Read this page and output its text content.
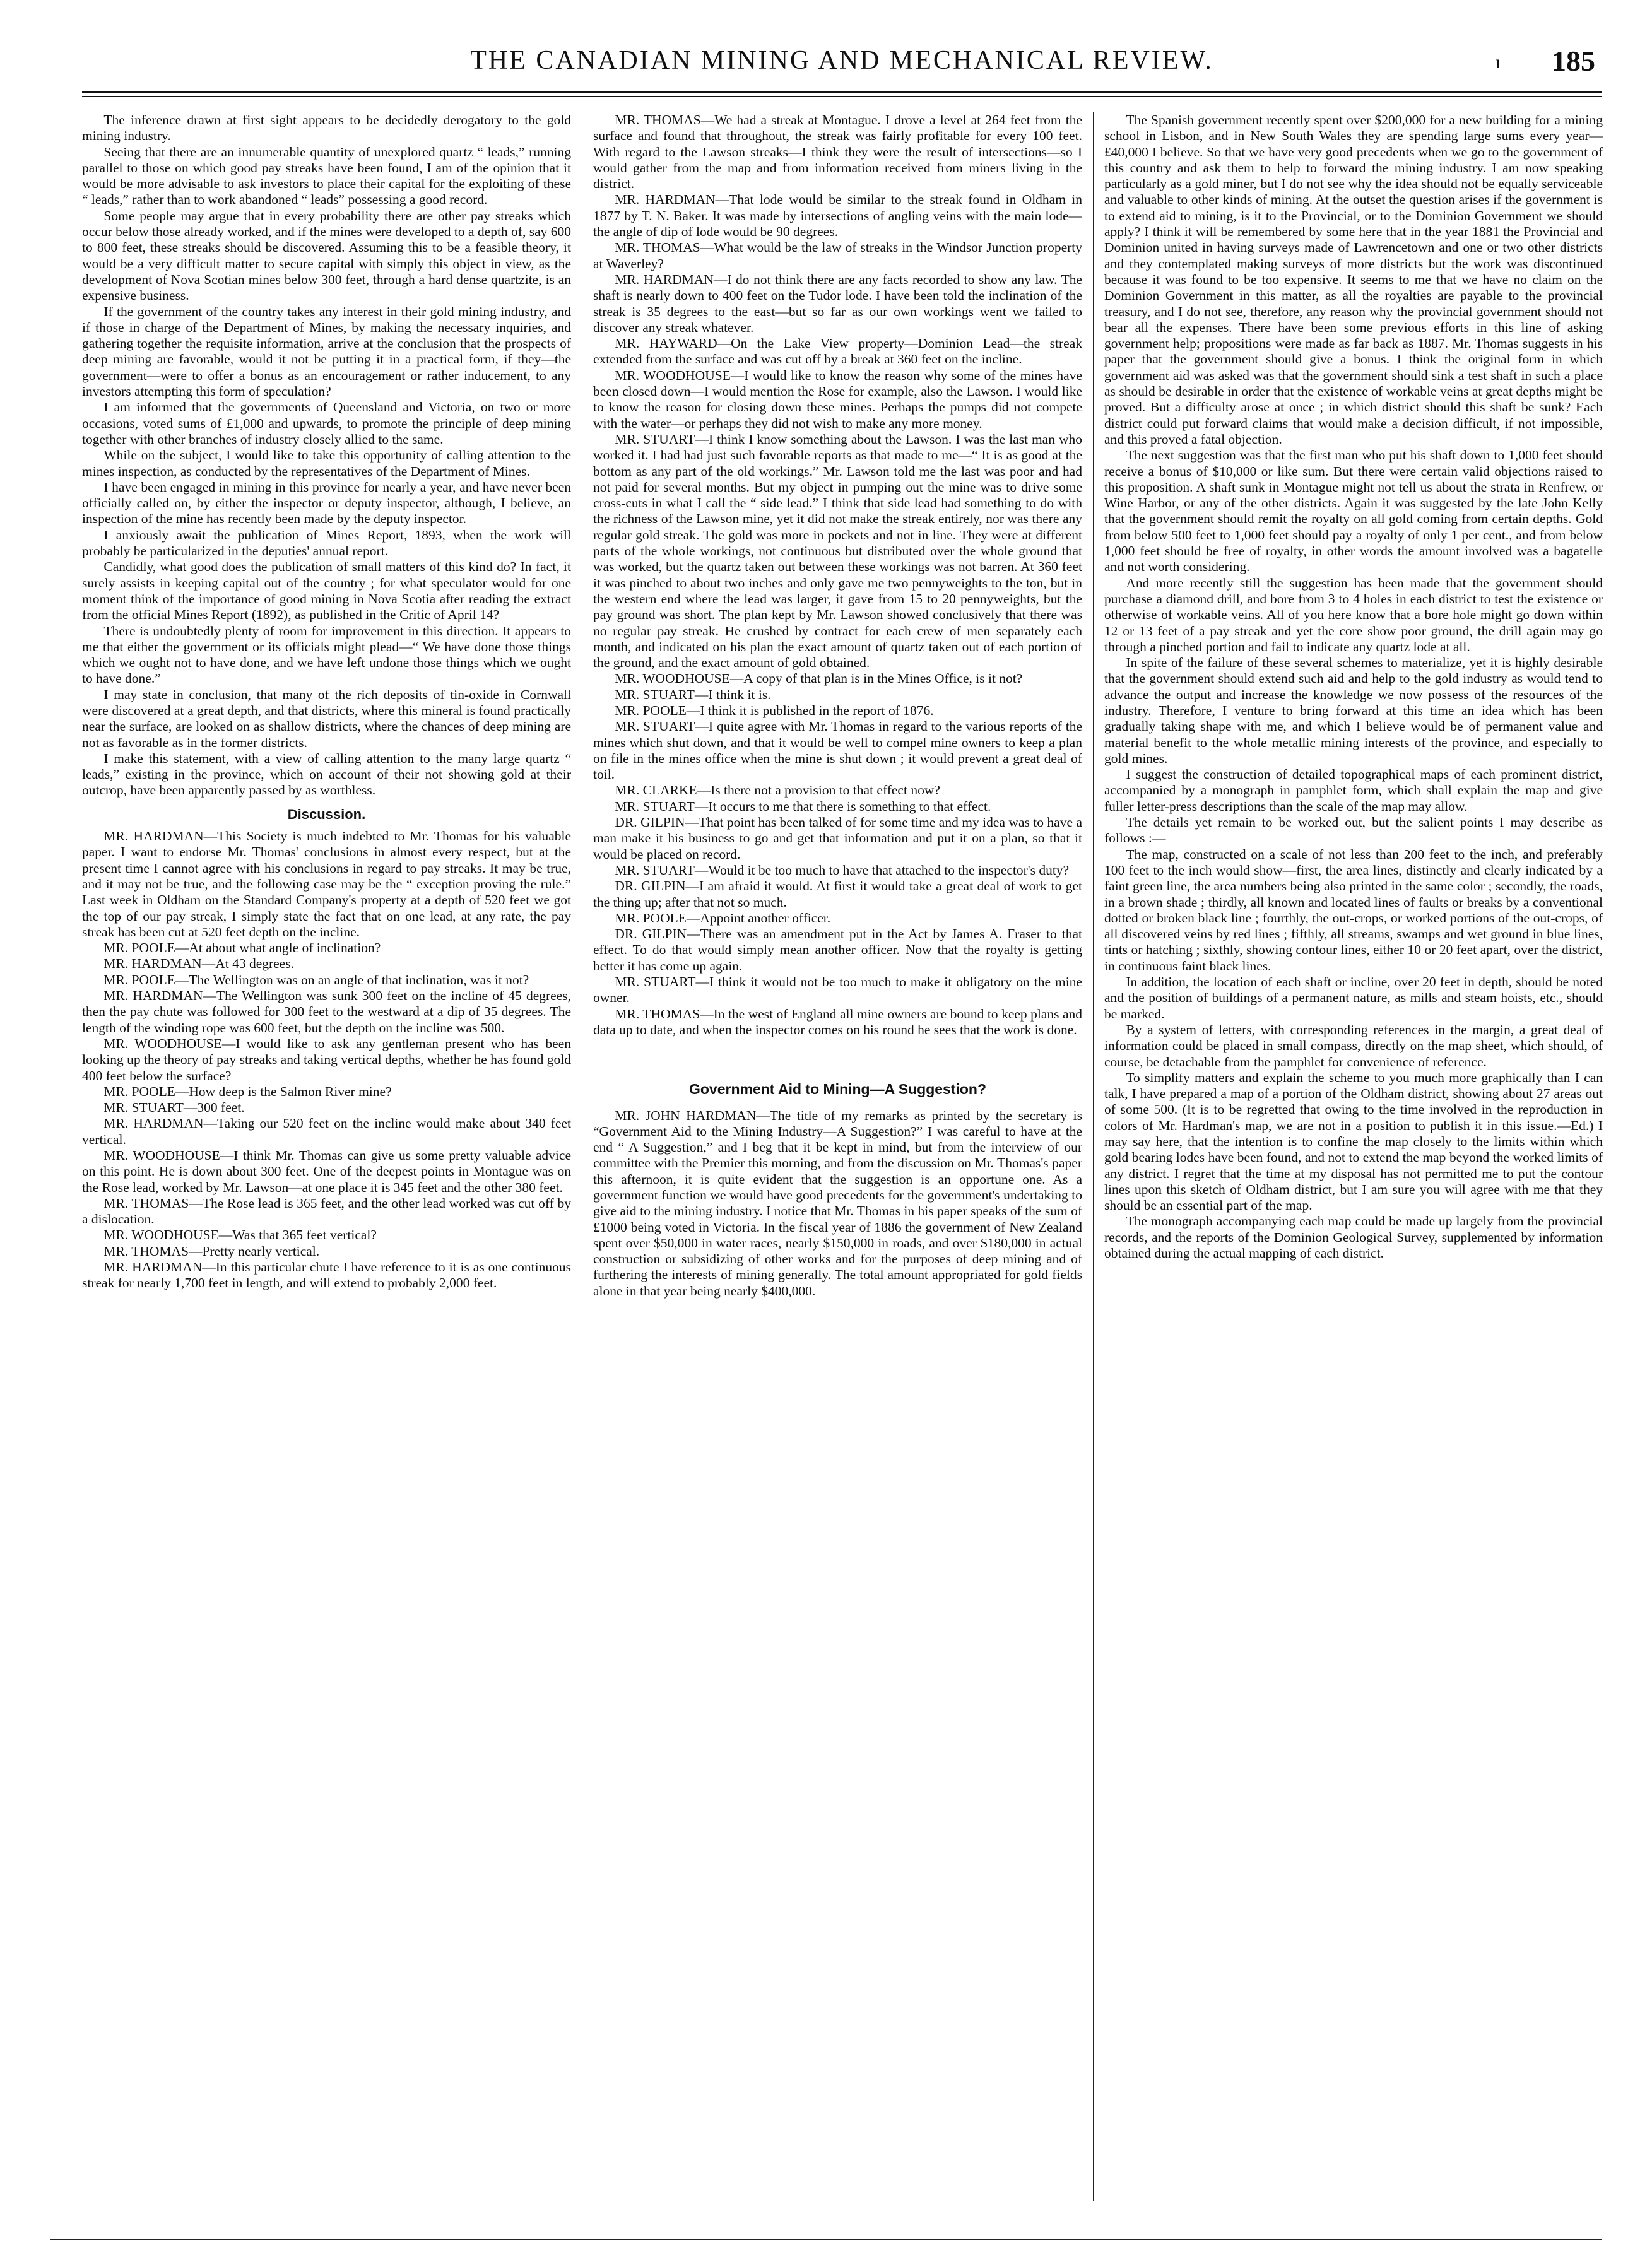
THE CANADIAN MINING AND MECHANICAL REVIEW.	ı 185

The inference drawn at first sight appears to be decidedly derogatory to the gold mining industry.

Seeing that there are an innumerable quantity of unexplored quartz “ leads,” running parallel to those on which good pay streaks have been found, I am of the opinion that it would be more advisable to ask investors to place their capital for the exploiting of these “ leads,” rather than to work abandoned “ leads” possessing a good record.

Some people may argue that in every probability there are other pay streaks which occur below those already worked, and if the mines were developed to a depth of, say 600 to 800 feet, these streaks should be discovered. Assuming this to be a feasible theory, it would be a very difficult matter to secure capital with simply this object in view, as the development of Nova Scotian mines below 300 feet, through a hard dense quartzite, is an expensive business.

If the government of the country takes any interest in their gold mining industry, and if those in charge of the Department of Mines, by making the necessary inquiries, and gathering together the requisite information, arrive at the conclusion that the prospects of deep mining are favorable, would it not be putting it in a practical form, if they—the government—were to offer a bonus as an encouragement or rather inducement, to any investors attempting this form of speculation?

I am informed that the governments of Queensland and Victoria, on two or more occasions, voted sums of £1,000 and upwards, to promote the principle of deep mining together with other branches of industry closely allied to the same.

While on the subject, I would like to take this opportunity of calling attention to the mines inspection, as conducted by the representatives of the Department of Mines.

I have been engaged in mining in this province for nearly a year, and have never been officially called on, by either the inspector or deputy inspector, although, I believe, an inspection of the mine has recently been made by the deputy inspector.

I anxiously await the publication of Mines Report, 1893, when the work will probably be particularized in the deputies' annual report.

Candidly, what good does the publication of small matters of this kind do? In fact, it surely assists in keeping capital out of the country ; for what speculator would for one moment think of the importance of good mining in Nova Scotia after reading the extract from the official Mines Report (1892), as published in the Critic of April 14?

There is undoubtedly plenty of room for improvement in this direction. It appears to me that either the government or its officials might plead—“ We have done those things which we ought not to have done, and we have left undone those things which we ought to have done.”

I may state in conclusion, that many of the rich deposits of tin-oxide in Cornwall were discovered at a great depth, and that districts, where this mineral is found practically near the surface, are looked on as shallow districts, where the chances of deep mining are not as favorable as in the former districts.

I make this statement, with a view of calling attention to the many large quartz “ leads,” existing in the province, which on account of their not showing gold at their outcrop, have been apparently passed by as worthless.

Discussion.

MR. HARDMAN—This Society is much indebted to Mr. Thomas for his valuable paper. I want to endorse Mr. Thomas' conclusions in almost every respect, but at the present time I cannot agree with his conclusions in regard to pay streaks. It may be true, and it may not be true, and the following case may be the “ exception proving the rule.” Last week in Oldham on the Standard Company's property at a depth of 520 feet we got the top of our pay streak, I simply state the fact that on one lead, at any rate, the pay streak has been cut at 520 feet depth on the incline.

MR. POOLE—At about what angle of inclination?

MR. HARDMAN—At 43 degrees.

MR. POOLE—The Wellington was on an angle of that inclination, was it not?

MR. HARDMAN—The Wellington was sunk 300 feet on the incline of 45 degrees, then the pay chute was followed for 300 feet to the westward at a dip of 35 degrees. The length of the winding rope was 600 feet, but the depth on the incline was 500.

MR. WOODHOUSE—I would like to ask any gentleman present who has been looking up the theory of pay streaks and taking vertical depths, whether he has found gold 400 feet below the surface?

MR. POOLE—How deep is the Salmon River mine?

MR. STUART—300 feet.

MR. HARDMAN—Taking our 520 feet on the incline would make about 340 feet vertical.

MR. WOODHOUSE—I think Mr. Thomas can give us some pretty valuable advice on this point. He is down about 300 feet. One of the deepest points in Montague was on the Rose lead, worked by Mr. Lawson—at one place it is 345 feet and the other 380 feet.

MR. THOMAS—The Rose lead is 365 feet, and the other lead worked was cut off by a dislocation.

MR. WOODHOUSE—Was that 365 feet vertical?

MR. THOMAS—Pretty nearly vertical.

MR. HARDMAN—In this particular chute I have reference to it is as one continuous streak for nearly 1,700 feet in length, and will extend to probably 2,000 feet.

MR. THOMAS—We had a streak at Montague. I drove a level at 264 feet from the surface and found that throughout, the streak was fairly profitable for every 100 feet. With regard to the Lawson streaks—I think they were the result of intersections—so I would gather from the map and from information received from miners living in the district.

MR. HARDMAN—That lode would be similar to the streak found in Oldham in 1877 by T. N. Baker. It was made by intersections of angling veins with the main lode—the angle of dip of lode would be 90 degrees.

MR. THOMAS—What would be the law of streaks in the Windsor Junction property at Waverley?

MR. HARDMAN—I do not think there are any facts recorded to show any law. The shaft is nearly down to 400 feet on the Tudor lode. I have been told the inclination of the streak is 35 degrees to the east—but so far as our own workings went we failed to discover any streak whatever.

MR. HAYWARD—On the Lake View property—Dominion Lead—the streak extended from the surface and was cut off by a break at 360 feet on the incline.

MR. WOODHOUSE—I would like to know the reason why some of the mines have been closed down—I would mention the Rose for example, also the Lawson. I would like to know the reason for closing down these mines. Perhaps the pumps did not compete with the water—or perhaps they did not wish to make any more money.

MR. STUART—I think I know something about the Lawson. I was the last man who worked it. I had had just such favorable reports as that made to me—“ It is as good at the bottom as any part of the old workings.” Mr. Lawson told me the last was poor and had not paid for several months. But my object in pumping out the mine was to drive some cross-cuts in what I call the “ side lead.” I think that side lead had something to do with the richness of the Lawson mine, yet it did not make the streak entirely, nor was there any regular gold streak. The gold was more in pockets and not in line. They were at different parts of the whole workings, not continuous but distributed over the whole ground that was worked, but the quartz taken out between these workings was not barren. At 360 feet it was pinched to about two inches and only gave me two pennyweights to the ton, but in the western end where the lead was larger, it gave from 15 to 20 pennyweights, but the pay ground was short. The plan kept by Mr. Lawson showed conclusively that there was no regular pay streak. He crushed by contract for each crew of men separately each month, and indicated on his plan the exact amount of quartz taken out of each portion of the ground, and the exact amount of gold obtained.

MR. WOODHOUSE—A copy of that plan is in the Mines Office, is it not?

MR. STUART—I think it is.

MR. POOLE—I think it is published in the report of 1876.

MR. STUART—I quite agree with Mr. Thomas in regard to the various reports of the mines which shut down, and that it would be well to compel mine owners to keep a plan on file in the mines office when the mine is shut down ; it would prevent a great deal of toil.

MR. CLARKE—Is there not a provision to that effect now?

MR. STUART—It occurs to me that there is something to that effect.

DR. GILPIN—That point has been talked of for some time and my idea was to have a man make it his business to go and get that information and put it on a plan, so that it would be placed on record.

MR. STUART—Would it be too much to have that attached to the inspector's duty?

DR. GILPIN—I am afraid it would. At first it would take a great deal of work to get the thing up; after that not so much.

MR. POOLE—Appoint another officer.

DR. GILPIN—There was an amendment put in the Act by James A. Fraser to that effect. To do that would simply mean another officer. Now that the royalty is getting better it has come up again.

MR. STUART—I think it would not be too much to make it obligatory on the mine owner.

MR. THOMAS—In the west of England all mine owners are bound to keep plans and data up to date, and when the inspector comes on his round he sees that the work is done.

Government Aid to Mining—A Suggestion?

MR. JOHN HARDMAN—The title of my remarks as printed by the secretary is “Government Aid to the Mining Industry—A Suggestion?” I was careful to have at the end “ A Suggestion,” and I beg that it be kept in mind, but from the interview of our committee with the Premier this morning, and from the discussion on Mr. Thomas's paper this afternoon, it is quite evident that the suggestion is an opportune one. As a government function we would have good precedents for the government's undertaking to give aid to the mining industry. I notice that Mr. Thomas in his paper speaks of the sum of £1000 being voted in Victoria. In the fiscal year of 1886 the government of New Zealand spent over $50,000 in water races, nearly $150,000 in roads, and over $180,000 in actual construction or subsidizing of other works and for the purposes of deep mining and of furthering the interests of mining generally. The total amount appropriated for gold fields alone in that year being nearly $400,000.

The Spanish government recently spent over $200,000 for a new building for a mining school in Lisbon, and in New South Wales they are spending large sums every year—£40,000 I believe. So that we have very good precedents when we go to the government of this country and ask them to help to forward the mining industry. I am now speaking particularly as a gold miner, but I do not see why the idea should not be equally serviceable and valuable to other kinds of mining. At the outset the question arises if the government is to extend aid to mining, is it to the Provincial, or to the Dominion Government we should apply? I think it will be remembered by some here that in the year 1881 the Provincial and Dominion united in having surveys made of Lawrencetown and one or two other districts and they contemplated making surveys of more districts but the work was discontinued because it was found to be too expensive. It seems to me that we have no claim on the Dominion Government in this matter, as all the royalties are payable to the provincial treasury, and I do not see, therefore, any reason why the provincial government should not bear all the expenses. There have been some previous efforts in this line of asking government help; propositions were made as far back as 1887. Mr. Thomas suggests in his paper that the government should give a bonus. I think the original form in which government aid was asked was that the government should sink a test shaft in such a place as should be desirable in order that the existence of workable veins at great depths might be proved. But a difficulty arose at once ; in which district should this shaft be sunk? Each district could put forward claims that would make a decision difficult, if not impossible, and this proved a fatal objection.

The next suggestion was that the first man who put his shaft down to 1,000 feet should receive a bonus of $10,000 or like sum. But there were certain valid objections raised to this proposition. A shaft sunk in Montague might not tell us about the strata in Renfrew, or Wine Harbor, or any of the other districts. Again it was suggested by the late John Kelly that the government should remit the royalty on all gold coming from certain depths. Gold from below 500 feet to 1,000 feet should pay a royalty of only 1 per cent., and from below 1,000 feet should be free of royalty, in other words the amount involved was a bagatelle and not worth considering.

And more recently still the suggestion has been made that the government should purchase a diamond drill, and bore from 3 to 4 holes in each district to test the existence or otherwise of workable veins. All of you here know that a bore hole might go down within 12 or 13 feet of a pay streak and yet the core show poor ground, the drill again may go through a pinched portion and fail to indicate any quartz lode at all.

In spite of the failure of these several schemes to materialize, yet it is highly desirable that the government should extend such aid and help to the gold industry as would tend to advance the output and increase the knowledge we now possess of the resources of the industry. Therefore, I venture to bring forward at this time an idea which has been gradually taking shape with me, and which I believe would be of permanent value and material benefit to the whole metallic mining interests of the province, and especially to gold mines.

I suggest the construction of detailed topographical maps of each prominent district, accompanied by a monograph in pamphlet form, which shall explain the map and give fuller letter-press descriptions than the scale of the map may allow.

The details yet remain to be worked out, but the salient points I may describe as follows :—

The map, constructed on a scale of not less than 200 feet to the inch, and preferably 100 feet to the inch would show—first, the area lines, distinctly and clearly indicated by a faint green line, the area numbers being also printed in the same color ; secondly, the roads, in a brown shade ; thirdly, all known and located lines of faults or breaks by a conventional dotted or broken black line ; fourthly, the out-crops, or worked portions of the out-crops, of all discovered veins by red lines ; fifthly, all streams, swamps and wet ground in blue lines, tints or hatching ; sixthly, showing contour lines, either 10 or 20 feet apart, over the district, in continuous faint black lines.

In addition, the location of each shaft or incline, over 20 feet in depth, should be noted and the position of buildings of a permanent nature, as mills and steam hoists, etc., should be marked.

By a system of letters, with corresponding references in the margin, a great deal of information could be placed in small compass, directly on the map sheet, which should, of course, be detachable from the pamphlet for convenience of reference.

To simplify matters and explain the scheme to you much more graphically than I can talk, I have prepared a map of a portion of the Oldham district, showing about 27 areas out of some 500. (It is to be regretted that owing to the time involved in the reproduction in colors of Mr. Hardman's map, we are not in a position to publish it in this issue.—Ed.) I may say here, that the intention is to confine the map closely to the limits within which gold bearing lodes have been found, and not to extend the map beyond the worked limits of any district. I regret that the time at my disposal has not permitted me to put the contour lines upon this sketch of Oldham district, but I am sure you will agree with me that they should be an essential part of the map.

The monograph accompanying each map could be made up largely from the provincial records, and the reports of the Dominion Geological Survey, supplemented by information obtained during the actual mapping of each district.
